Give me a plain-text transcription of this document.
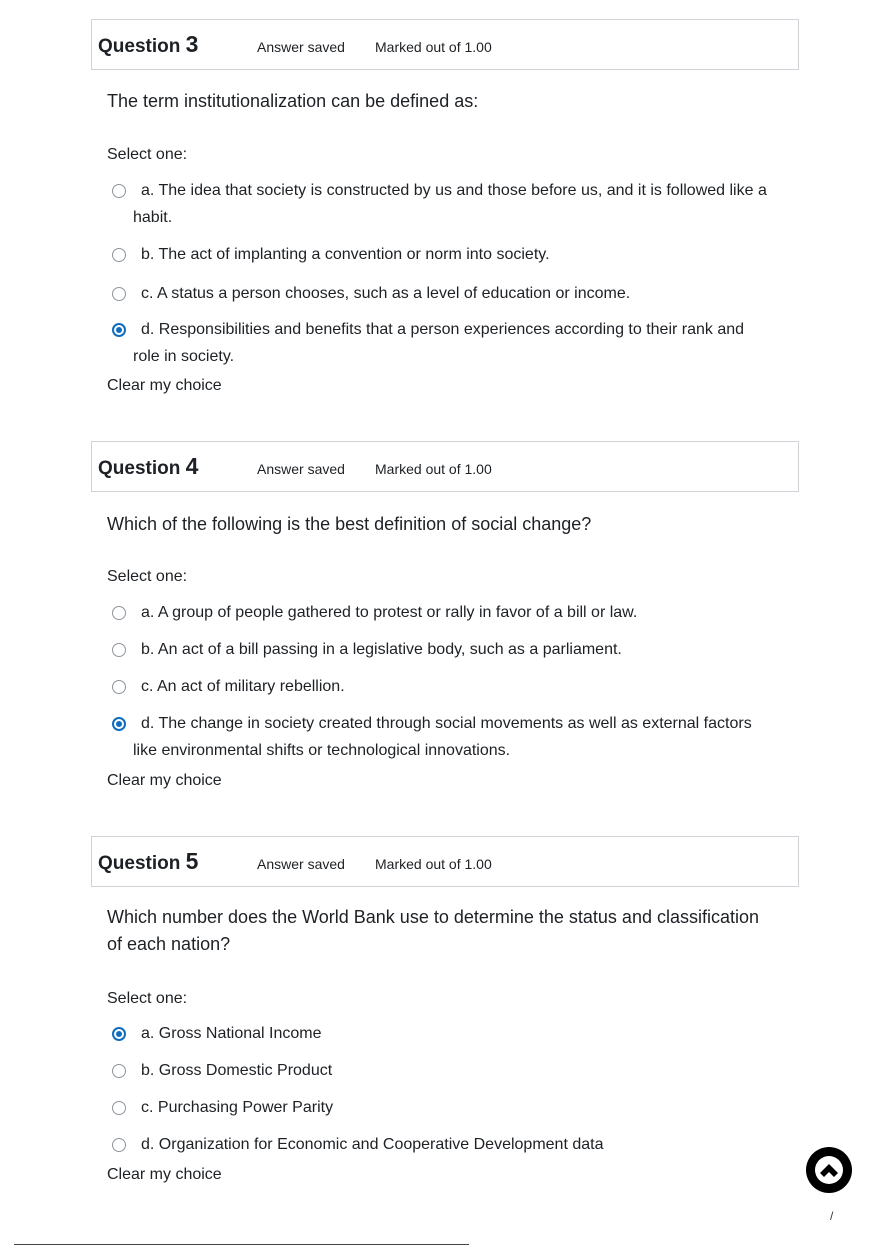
Question 3	Answer saved Marked out of 1.00
The term institutionalization can be defined as:
Select one:
a. The idea that society is constructed by us and those before us, and it is followed like a habit.
b. The act of implanting a convention or norm into society.
c. A status a person chooses, such as a level of education or income.
d. Responsibilities and benefits that a person experiences according to their rank and role in society.
Clear my choice
Question 4	Answer saved Marked out of 1.00
Which of the following is the best definition of social change?
Select one:
a. A group of people gathered to protest or rally in favor of a bill or law.
b. An act of a bill passing in a legislative body, such as a parliament.
c. An act of military rebellion.
d. The change in society created through social movements as well as external factors like environmental shifts or technological innovations.
Clear my choice
Question 5	Answer saved Marked out of 1.00
Which number does the World Bank use to determine the status and classification of each nation?
Select one:
a. Gross National Income
b. Gross Domestic Product
c. Purchasing Power Parity
d. Organization for Economic and Cooperative Development data
Clear my choice
/
